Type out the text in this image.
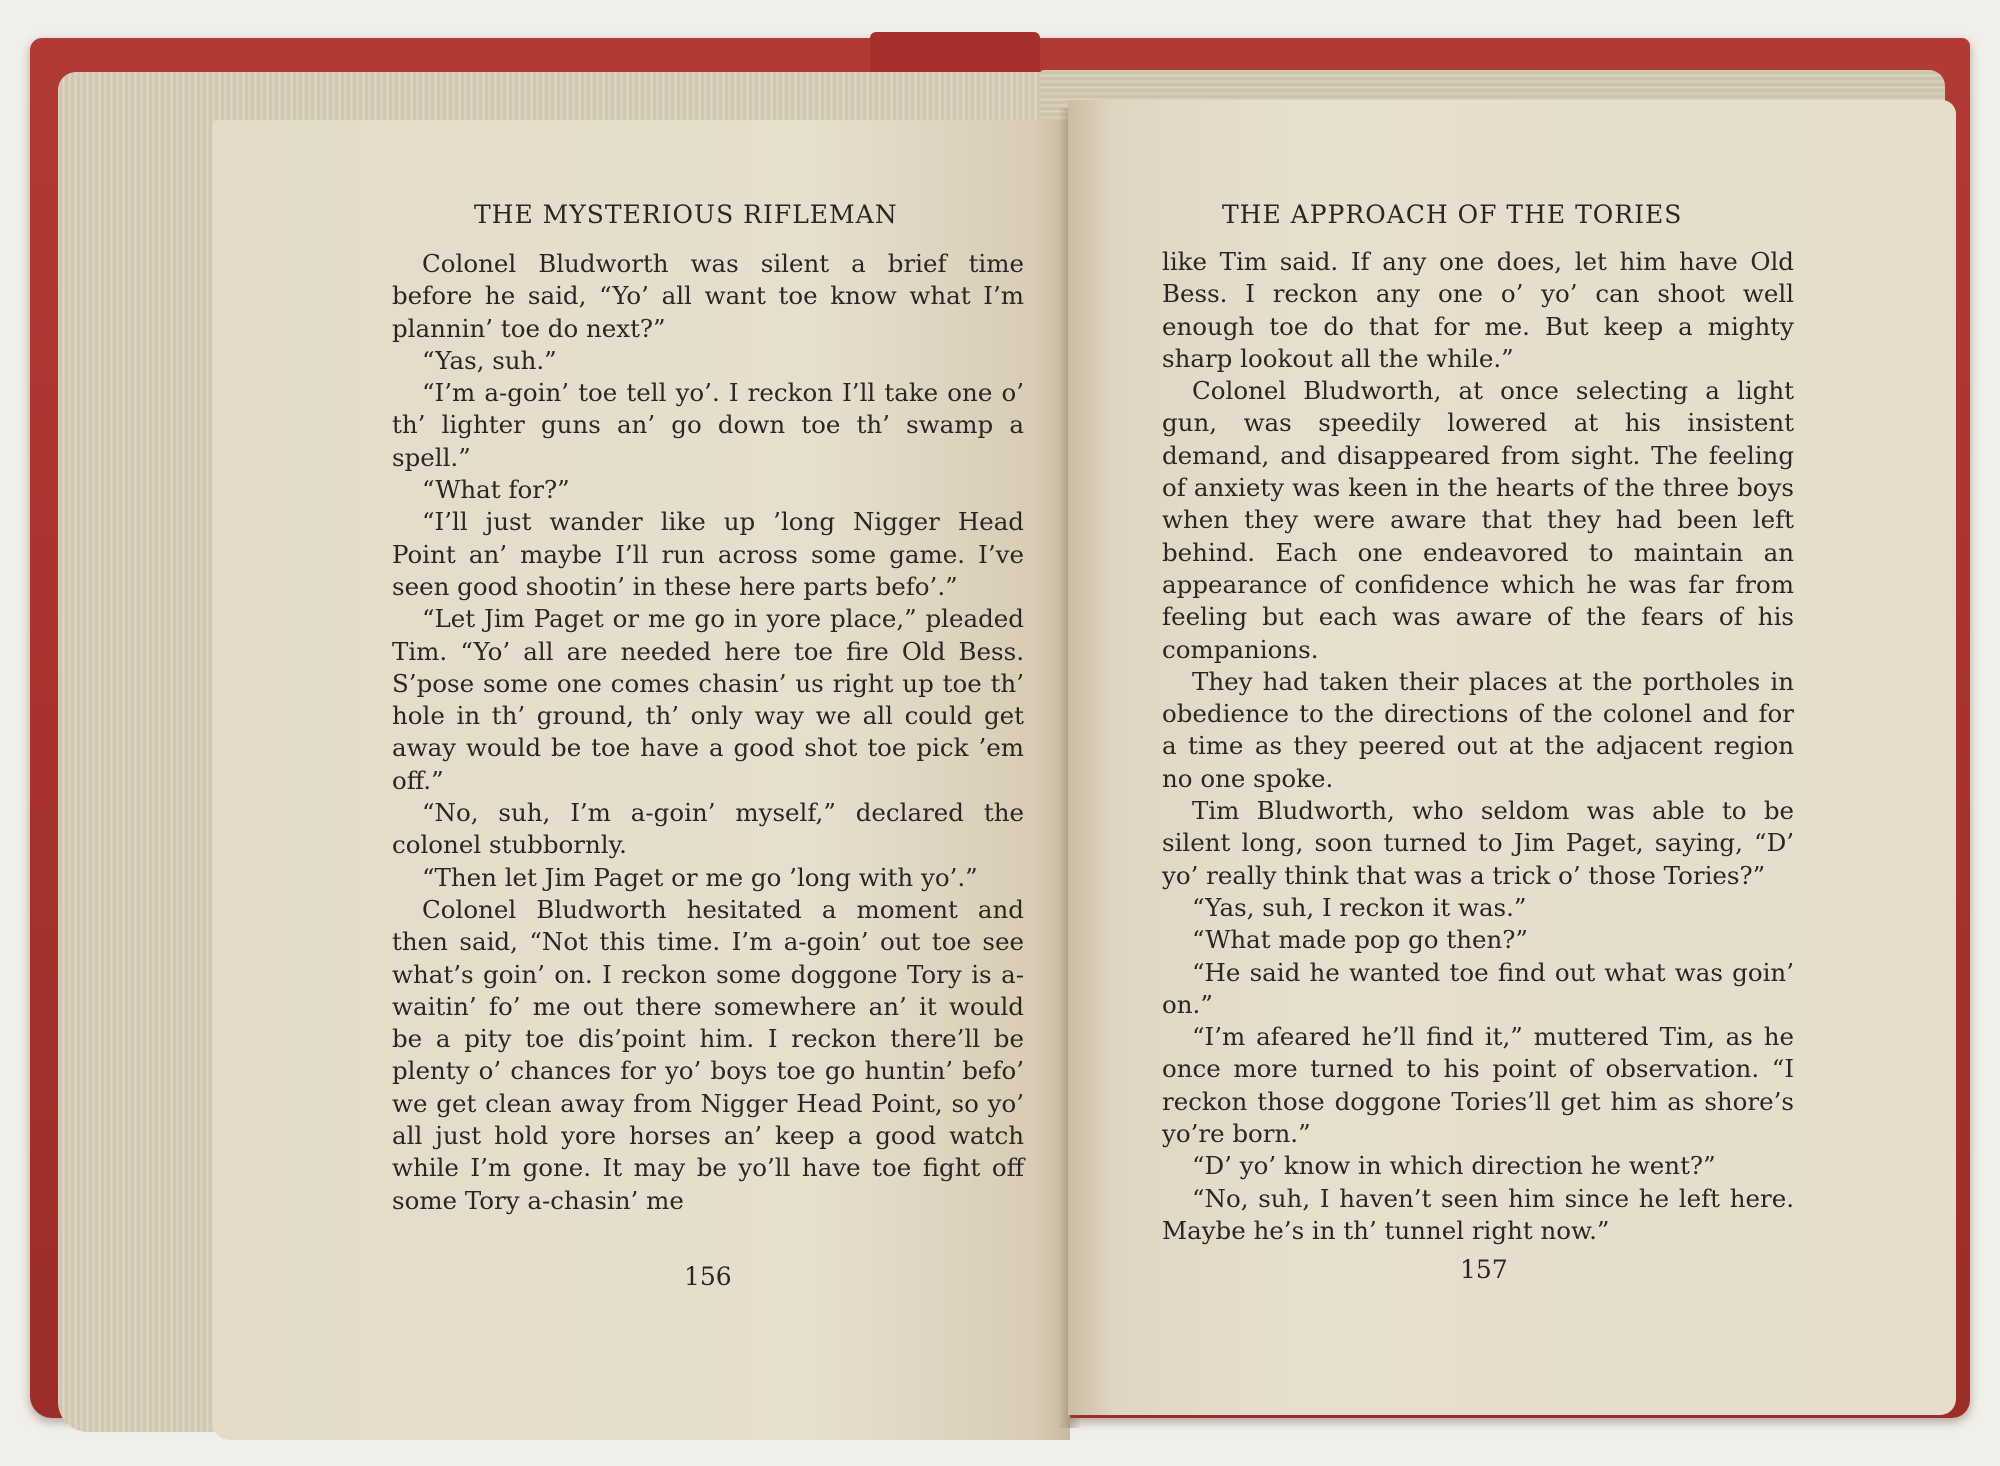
THE MYSTERIOUS RIFLEMAN

Colonel Bludworth was silent a brief time before he said, “Yo’ all want toe know what I’m plannin’ toe do next?”

“Yas, suh.”

“I’m a-goin’ toe tell yo’. I reckon I’ll take one o’ th’ lighter guns an’ go down toe th’ swamp a spell.”

“What for?”

“I’ll just wander like up ’long Nigger Head Point an’ maybe I’ll run across some game. I’ve seen good shootin’ in these here parts befo’.”

“Let Jim Paget or me go in yore place,” pleaded Tim. “Yo’ all are needed here toe fire Old Bess. S’pose some one comes chasin’ us right up toe th’ hole in th’ ground, th’ only way we all could get away would be toe have a good shot toe pick ’em off.”

“No, suh, I’m a-goin’ myself,” declared the colonel stubbornly.

“Then let Jim Paget or me go ’long with yo’.”

Colonel Bludworth hesitated a moment and then said, “Not this time. I’m a-goin’ out toe see what’s goin’ on. I reckon some doggone Tory is a-waitin’ fo’ me out there somewhere an’ it would be a pity toe dis’point him. I reckon there’ll be plenty o’ chances for yo’ boys toe go huntin’ befo’ we get clean away from Nigger Head Point, so yo’ all just hold yore horses an’ keep a good watch while I’m gone. It may be yo’ll have toe fight off some Tory a-chasin’ me

156
THE APPROACH OF THE TORIES

like Tim said. If any one does, let him have Old Bess. I reckon any one o’ yo’ can shoot well enough toe do that for me. But keep a mighty sharp lookout all the while.”

Colonel Bludworth, at once selecting a light gun, was speedily lowered at his insistent demand, and disappeared from sight. The feeling of anxiety was keen in the hearts of the three boys when they were aware that they had been left behind. Each one endeavored to maintain an appearance of confidence which he was far from feeling but each was aware of the fears of his companions.

They had taken their places at the portholes in obedience to the directions of the colonel and for a time as they peered out at the adjacent region no one spoke.

Tim Bludworth, who seldom was able to be silent long, soon turned to Jim Paget, saying, “D’ yo’ really think that was a trick o’ those Tories?”

“Yas, suh, I reckon it was.”

“What made pop go then?”

“He said he wanted toe find out what was goin’ on.”

“I’m afeared he’ll find it,” muttered Tim, as he once more turned to his point of observation. “I reckon those doggone Tories’ll get him as shore’s yo’re born.”

“D’ yo’ know in which direction he went?”

“No, suh, I haven’t seen him since he left here. Maybe he’s in th’ tunnel right now.”

157
